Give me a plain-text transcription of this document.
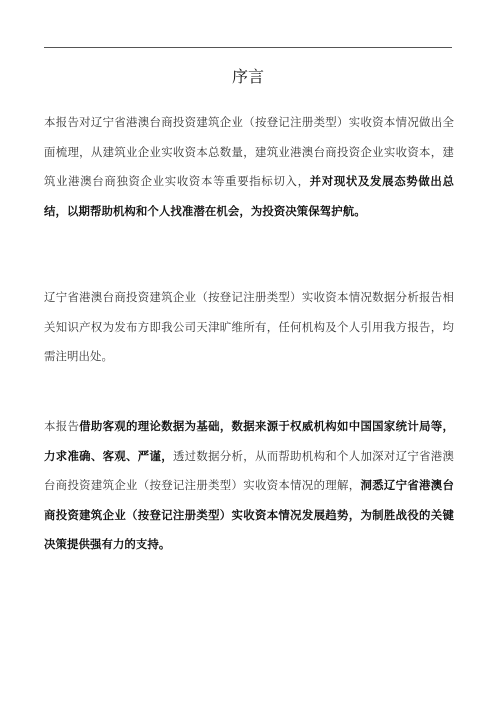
序言
本报告对辽宁省港澳台商投资建筑企业（按登记注册类型）实收资本情况做出全面梳理，从建筑业企业实收资本总数量，建筑业港澳台商投资企业实收资本，建筑业港澳台商独资企业实收资本等重要指标切入，并对现状及发展态势做出总结，以期帮助机构和个人找准潜在机会，为投资决策保驾护航。
辽宁省港澳台商投资建筑企业（按登记注册类型）实收资本情况数据分析报告相关知识产权为发布方即我公司天津旷维所有，任何机构及个人引用我方报告，均需注明出处。
本报告借助客观的理论数据为基础，数据来源于权威机构如中国国家统计局等，力求准确、客观、严谨，透过数据分析，从而帮助机构和个人加深对辽宁省港澳台商投资建筑企业（按登记注册类型）实收资本情况的理解，洞悉辽宁省港澳台商投资建筑企业（按登记注册类型）实收资本情况发展趋势，为制胜战役的关键决策提供强有力的支持。
